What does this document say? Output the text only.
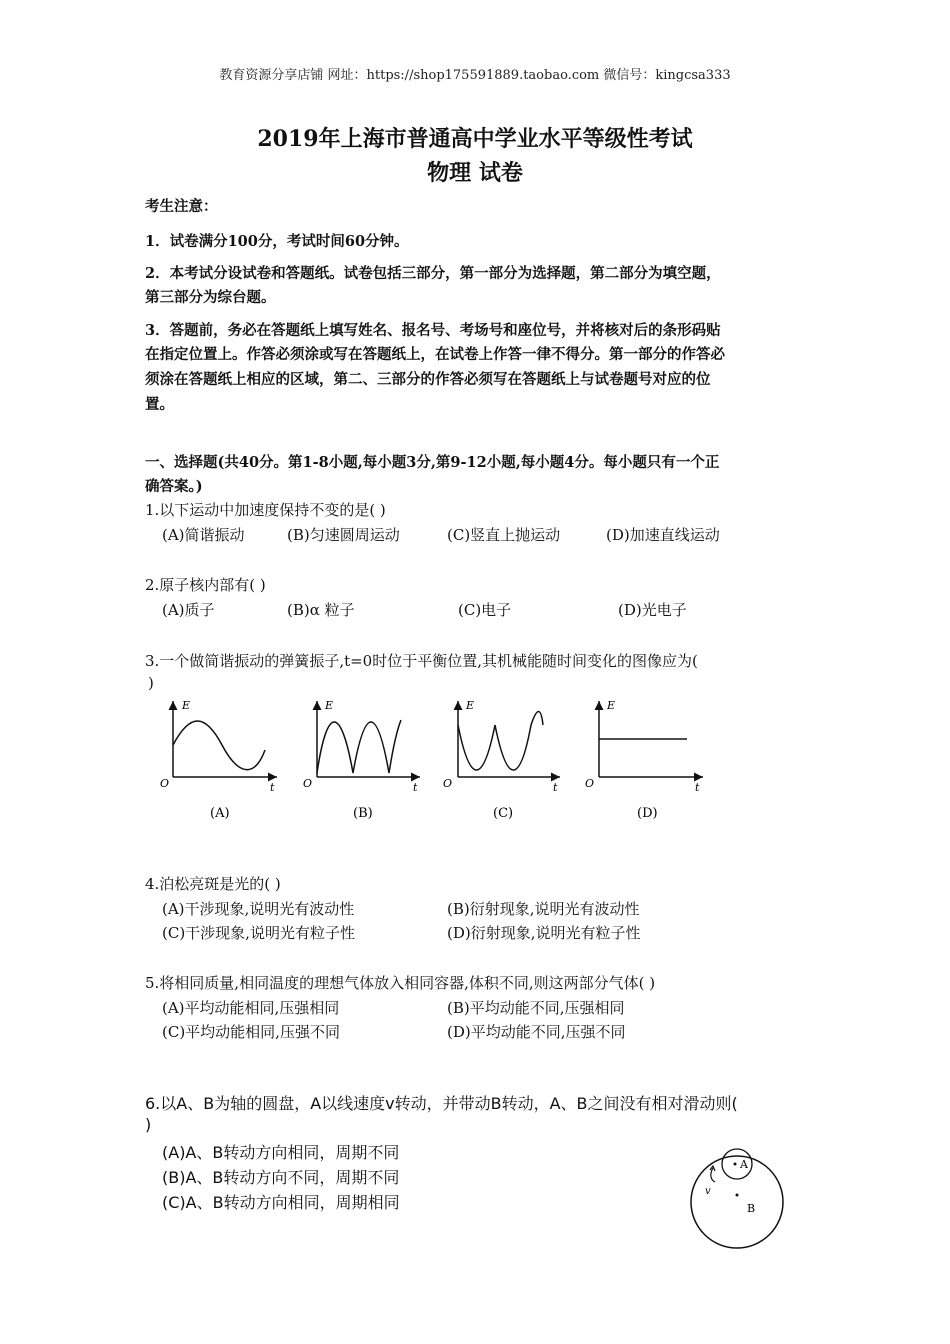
教育资源分享店铺 网址：https://shop175591889.taobao.com 微信号：kingcsa333
2019年上海市普通高中学业水平等级性考试
物理 试卷
考生注意：
1．试卷满分100分，考试时间60分钟。
2．本考试分设试卷和答题纸。试卷包括三部分，第一部分为选择题，第二部分为填空题，
第三部分为综台题。
3．答题前，务必在答题纸上填写姓名、报名号、考场号和座位号，并将核对后的条形码贴
在指定位置上。作答必须涂或写在答题纸上，在试卷上作答一律不得分。第一部分的作答必
须涂在答题纸上相应的区域，第二、三部分的作答必须写在答题纸上与试卷题号对应的位
置。
一、选择题(共40分。第1-8小题,每小题3分,第9-12小题,每小题4分。每小题只有一个正
确答案。)
1.以下运动中加速度保持不变的是( )
(A)简谐振动	(B)匀速圆周运动	(C)竖直上抛运动	(D)加速直线运动
2.原子核内部有( )
(A)质子	(B)α 粒子	(C)电子	(D)光电子
3.一个做简谐振动的弹簧振子,t=0时位于平衡位置,其机械能随时间变化的图像应为(
)
E
O	t
(A)
E
O	t
(B)
E
O	t
(C)
E
O	t
(D)
4.泊松亮斑是光的( )
(A)干涉现象,说明光有波动性	(B)衍射现象,说明光有波动性
(C)干涉现象,说明光有粒子性	(D)衍射现象,说明光有粒子性
5.将相同质量,相同温度的理想气体放入相同容器,体积不同,则这两部分气体( )
(A)平均动能相同,压强相同	(B)平均动能不同,压强相同
(C)平均动能相同,压强不同	(D)平均动能不同,压强不同
6.以A、B为轴的圆盘，A以线速度v转动，并带动B转动，A、B之间没有相对滑动则(
)
(A)A、B转动方向相同，周期不同
(B)A、B转动方向不同，周期不同
(C)A、B转动方向相同，周期相同
A
B
v
